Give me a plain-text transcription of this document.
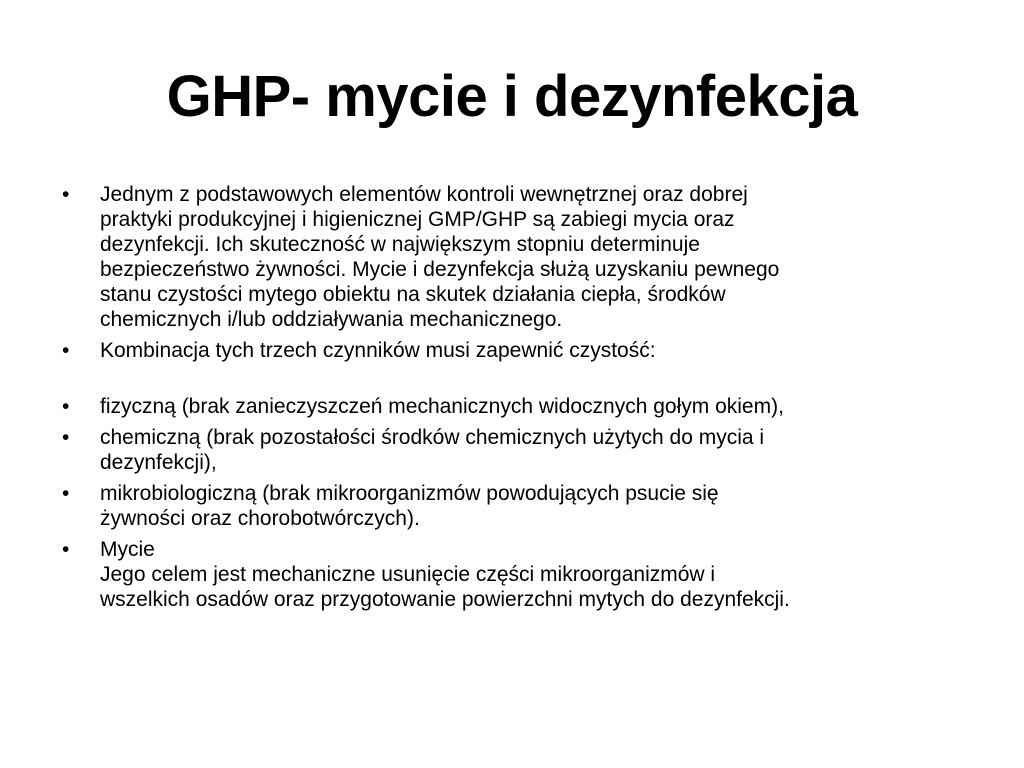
GHP- mycie i dezynfekcja
•	Jednym z podstawowych elementów kontroli wewnętrznej oraz dobrej
praktyki produkcyjnej i higienicznej GMP/GHP są zabiegi mycia oraz
dezynfekcji. Ich skuteczność w największym stopniu determinuje
bezpieczeństwo żywności. Mycie i dezynfekcja służą uzyskaniu pewnego
stanu czystości mytego obiektu na skutek działania ciepła, środków
chemicznych i/lub oddziaływania mechanicznego.
•	Kombinacja tych trzech czynników musi zapewnić czystość:
•	fizyczną (brak zanieczyszczeń mechanicznych widocznych gołym okiem),
•	chemiczną (brak pozostałości środków chemicznych użytych do mycia i
dezynfekcji),
•	mikrobiologiczną (brak mikroorganizmów powodujących psucie się
żywności oraz chorobotwórczych).
•	Mycie
Jego celem jest mechaniczne usunięcie części mikroorganizmów i
wszelkich osadów oraz przygotowanie powierzchni mytych do dezynfekcji.
